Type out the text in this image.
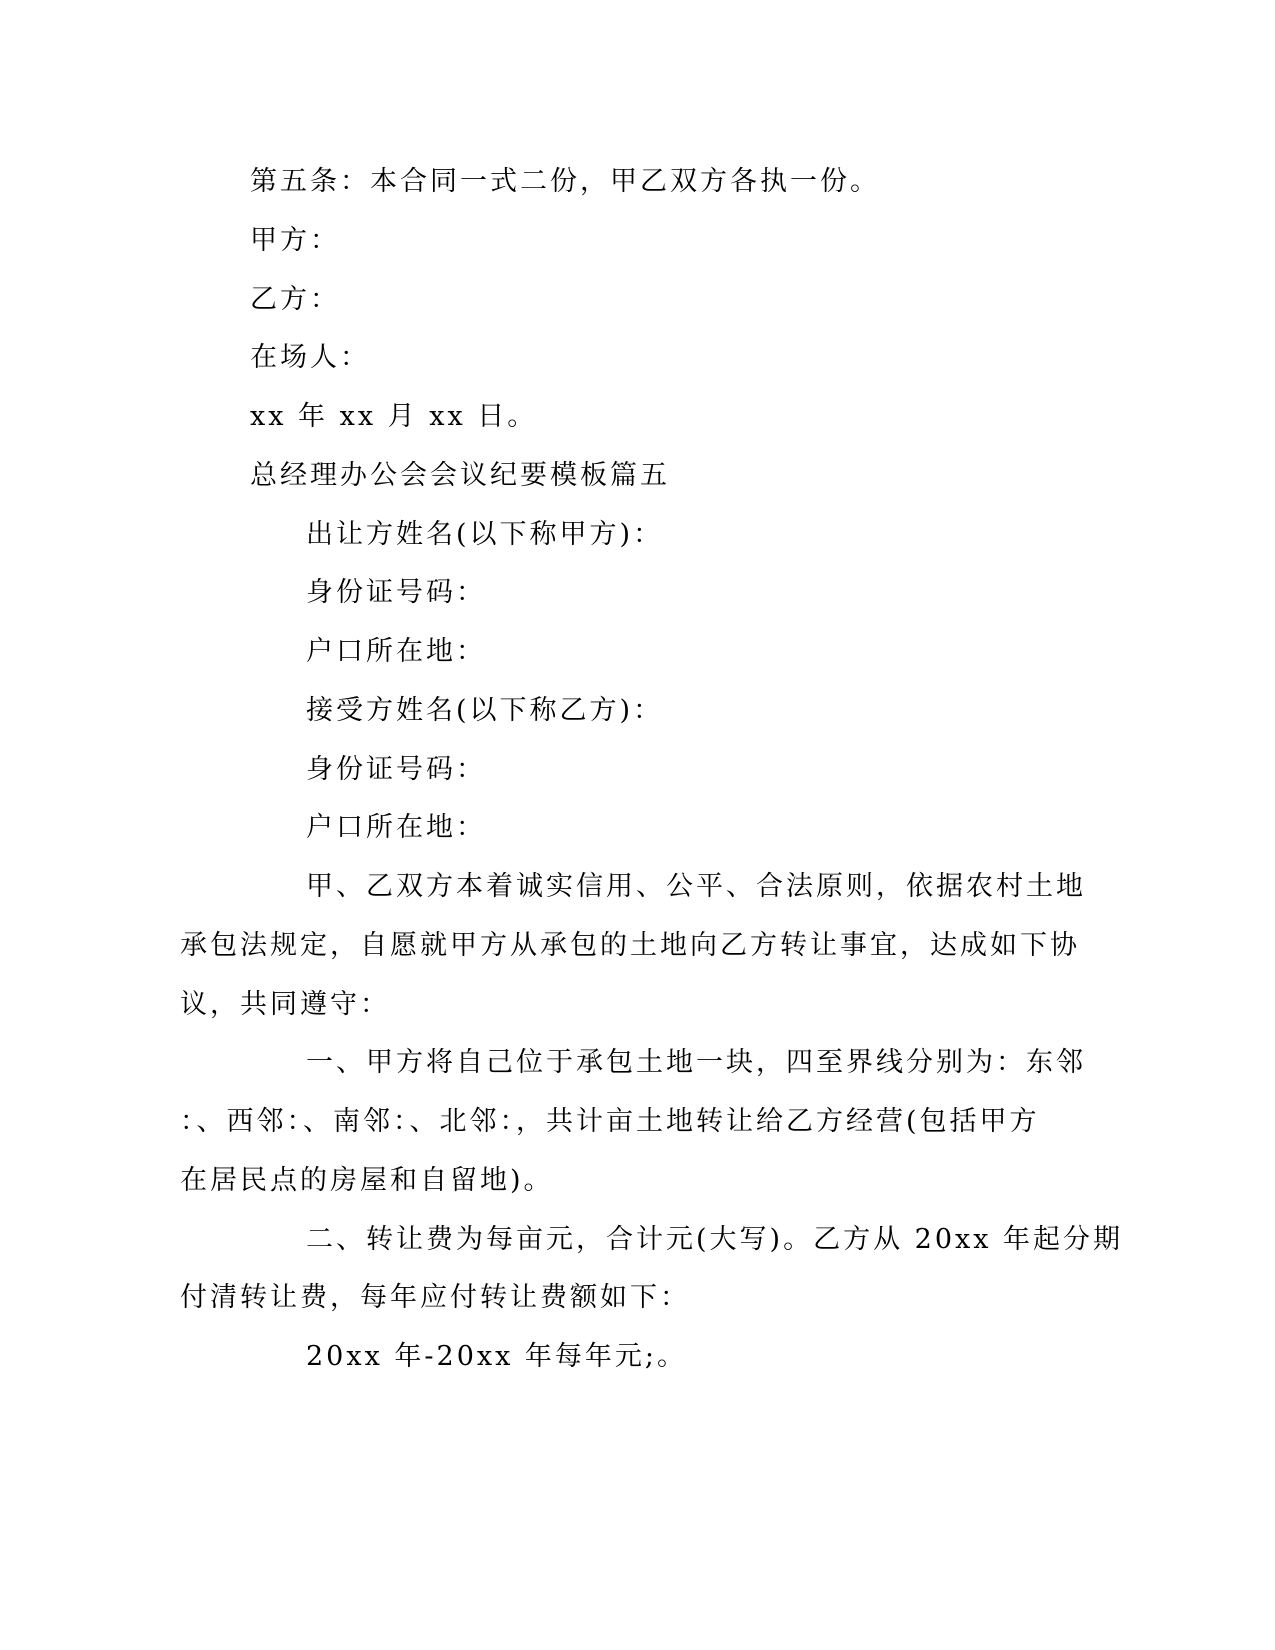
第五条：本合同一式二份，甲乙双方各执一份。
甲方：
乙方：
在场人：
xx 年 xx 月 xx 日。
总经理办公会会议纪要模板篇五
出让方姓名(以下称甲方)：
身份证号码：
户口所在地：
接受方姓名(以下称乙方)：
身份证号码：
户口所在地：
甲、乙双方本着诚实信用、公平、合法原则，依据农村土地
承包法规定，自愿就甲方从承包的土地向乙方转让事宜，达成如下协
议，共同遵守：
一、甲方将自己位于承包土地一块，四至界线分别为：东邻
：、西邻：、南邻：、北邻：，共计亩土地转让给乙方经营(包括甲方
在居民点的房屋和自留地)。
二、转让费为每亩元，合计元(大写)。乙方从 20xx 年起分期
付清转让费，每年应付转让费额如下：
20xx 年-20xx 年每年元;。
